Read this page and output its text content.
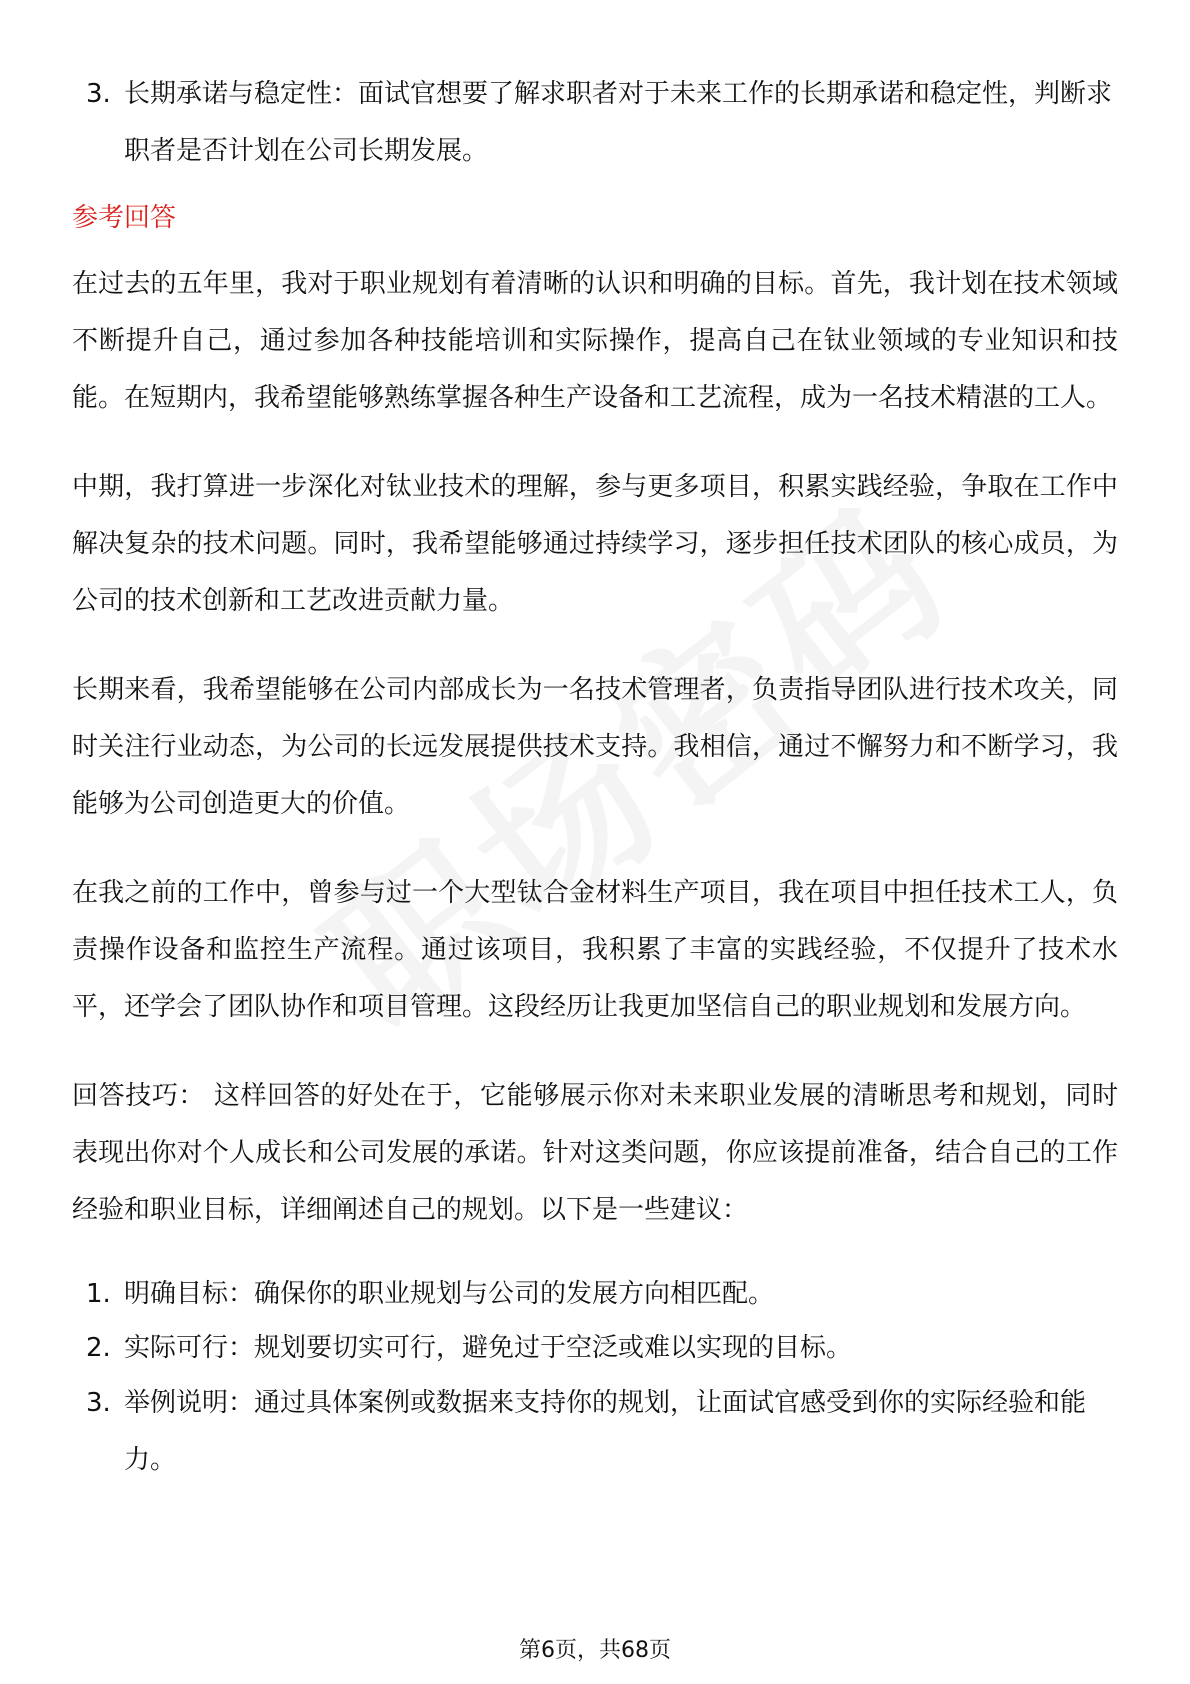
3. 长期承诺与稳定性：面试官想要了解求职者对于未来工作的长期承诺和稳定性，判断求职者是否计划在公司长期发展。
参考回答

在过去的五年里，我对于职业规划有着清晰的认识和明确的目标。首先，我计划在技术领域不断提升自己，通过参加各种技能培训和实际操作，提高自己在钛业领域的专业知识和技能。在短期内，我希望能够熟练掌握各种生产设备和工艺流程，成为一名技术精湛的工人。

中期，我打算进一步深化对钛业技术的理解，参与更多项目，积累实践经验，争取在工作中解决复杂的技术问题。同时，我希望能够通过持续学习，逐步担任技术团队的核心成员，为公司的技术创新和工艺改进贡献力量。

长期来看，我希望能够在公司内部成长为一名技术管理者，负责指导团队进行技术攻关，同时关注行业动态，为公司的长远发展提供技术支持。我相信，通过不懈努力和不断学习，我能够为公司创造更大的价值。

在我之前的工作中，曾参与过一个大型钛合金材料生产项目，我在项目中担任技术工人，负责操作设备和监控生产流程。通过该项目，我积累了丰富的实践经验，不仅提升了技术水平，还学会了团队协作和项目管理。这段经历让我更加坚信自己的职业规划和发展方向。

回答技巧： 这样回答的好处在于，它能够展示你对未来职业发展的清晰思考和规划，同时表现出你对个人成长和公司发展的承诺。针对这类问题，你应该提前准备，结合自己的工作经验和职业目标，详细阐述自己的规划。以下是一些建议：

1. 明确目标：确保你的职业规划与公司的发展方向相匹配。
2. 实际可行：规划要切实可行，避免过于空泛或难以实现的目标。
3. 举例说明：通过具体案例或数据来支持你的规划，让面试官感受到你的实际经验和能力。
第6页，共68页
